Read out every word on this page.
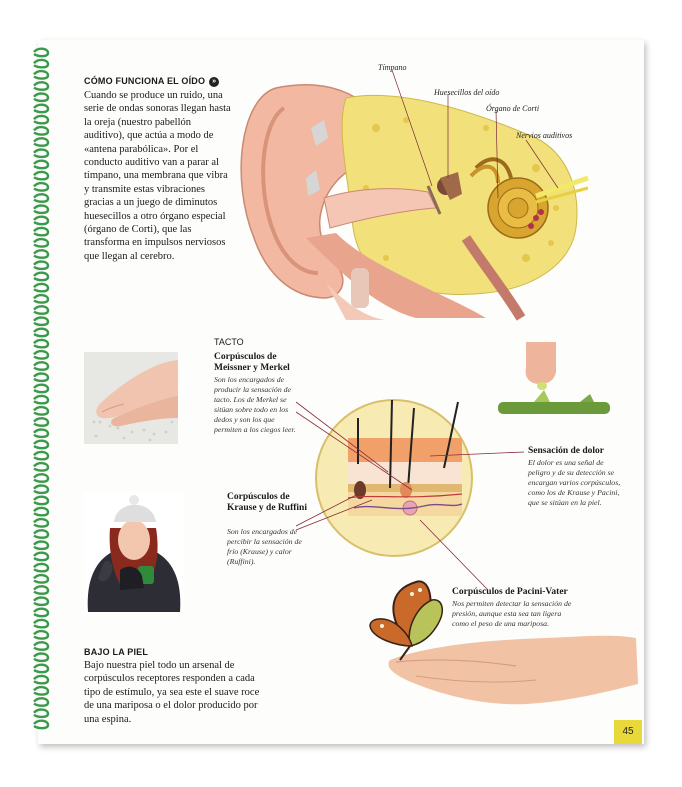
CÓMO FUNCIONA EL OÍDO »
Cuando se produce un ruido, una serie de ondas sonoras llegan hasta la oreja (nuestro pabellón auditivo), que actúa a modo de «antena parabólica». Por el conducto auditivo van a parar al tímpano, una membrana que vibra y transmite estas vibraciones gracias a un juego de diminutos huesecillos a otro órgano especial (órgano de Corti), que las transforma en impulsos nerviosos que llegan al cerebro.
Tímpano
Huesecillos del oído
Órgano de Corti
Nervios auditivos
TACTO
Corpúsculos de Meissner y Merkel
Son los encargados de producir la sensación de tacto. Los de Merkel se sitúan sobre todo en los dedos y son los que permiten a los ciegos leer.
Sensación de dolor
El dolor es una señal de peligro y de su detección se encargan varios corpúsculos, como los de Krause y Pacini, que se sitúan en la piel.
Corpúsculos de Krause y de Ruffini
Son los encargados de percibir la sensación de frío (Krause) y calor (Ruffini).
Corpúsculos de Pacini-Vater
Nos permiten detectar la sensación de presión, aunque esta sea tan ligera como el peso de una mariposa.
BAJO LA PIEL
Bajo nuestra piel todo un arsenal de corpúsculos receptores responden a cada tipo de estímulo, ya sea este el suave roce de una mariposa o el dolor producido por una espina.
45
